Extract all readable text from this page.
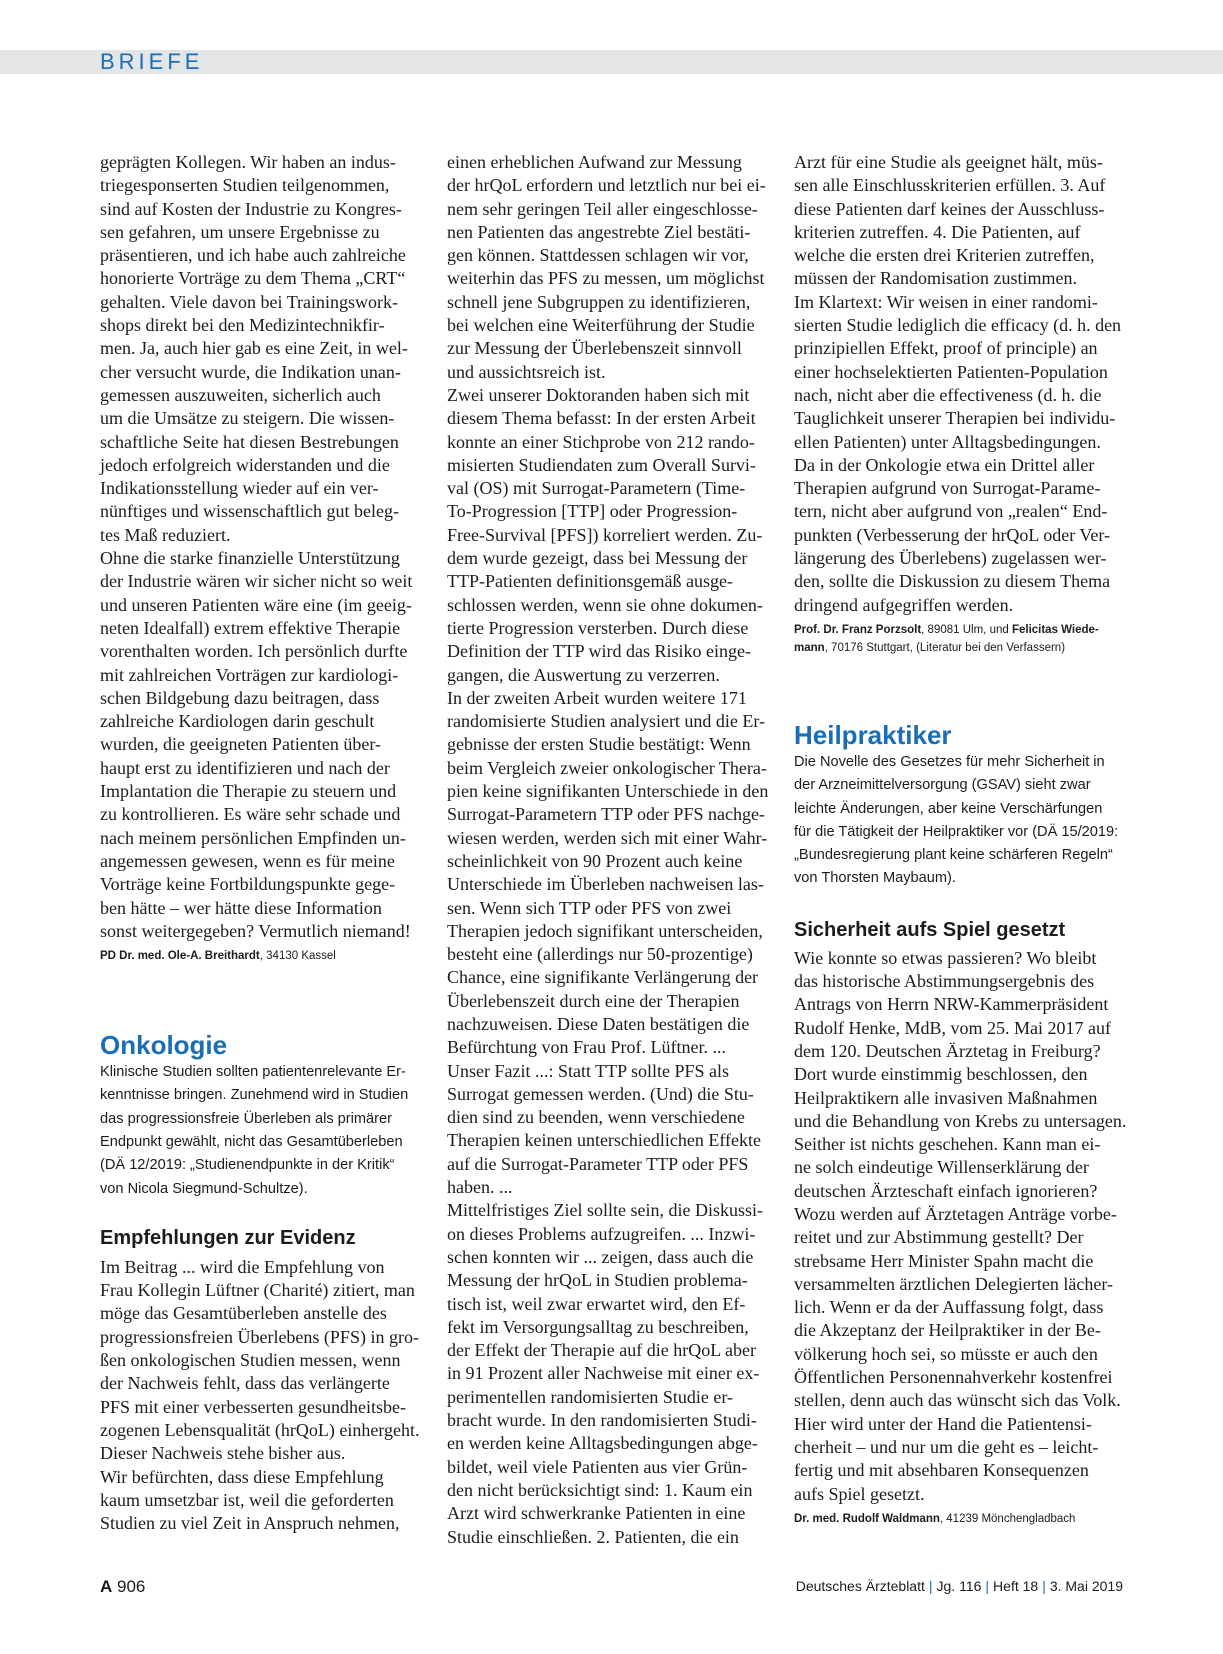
BRIEFE
geprägten Kollegen. Wir haben an indus-
triegesponserten Studien teilgenommen,
sind auf Kosten der Industrie zu Kongres-
sen gefahren, um unsere Ergebnisse zu
präsentieren, und ich habe auch zahlreiche
honorierte Vorträge zu dem Thema „CRT“
gehalten. Viele davon bei Trainingswork-
shops direkt bei den Medizintechnikfir-
men. Ja, auch hier gab es eine Zeit, in wel-
cher versucht wurde, die Indikation unan-
gemessen auszuweiten, sicherlich auch
um die Umsätze zu steigern. Die wissen-
schaftliche Seite hat diesen Bestrebungen
jedoch erfolgreich widerstanden und die
Indikationsstellung wieder auf ein ver-
nünftiges und wissenschaftlich gut beleg-
tes Maß reduziert.
Ohne die starke finanzielle Unterstützung
der Industrie wären wir sicher nicht so weit
und unseren Patienten wäre eine (im geeig-
neten Idealfall) extrem effektive Therapie
vorenthalten worden. Ich persönlich durfte
mit zahlreichen Vorträgen zur kardiologi-
schen Bildgebung dazu beitragen, dass
zahlreiche Kardiologen darin geschult
wurden, die geeigneten Patienten über-
haupt erst zu identifizieren und nach der
Implantation die Therapie zu steuern und
zu kontrollieren. Es wäre sehr schade und
nach meinem persönlichen Empfinden un-
angemessen gewesen, wenn es für meine
Vorträge keine Fortbildungspunkte gege-
ben hätte – wer hätte diese Information
sonst weitergegeben? Vermutlich niemand!
PD Dr. med. Ole-A. Breithardt, 34130 Kassel
Onkologie
Klinische Studien sollten patientenrelevante Er-
kenntnisse bringen. Zunehmend wird in Studien
das progressionsfreie Überleben als primärer
Endpunkt gewählt, nicht das Gesamtüberleben
(DÄ 12/2019: „Studienendpunkte in der Kritik“
von Nicola Siegmund-Schultze).
Empfehlungen zur Evidenz
Im Beitrag ... wird die Empfehlung von
Frau Kollegin Lüftner (Charité) zitiert, man
möge das Gesamtüberleben anstelle des
progressionsfreien Überlebens (PFS) in gro-
ßen onkologischen Studien messen, wenn
der Nachweis fehlt, dass das verlängerte
PFS mit einer verbesserten gesundheitsbe-
zogenen Lebensqualität (hrQoL) einhergeht.
Dieser Nachweis stehe bisher aus.
Wir befürchten, dass diese Empfehlung
kaum umsetzbar ist, weil die geforderten
Studien zu viel Zeit in Anspruch nehmen,
einen erheblichen Aufwand zur Messung
der hrQoL erfordern und letztlich nur bei ei-
nem sehr geringen Teil aller eingeschlosse-
nen Patienten das angestrebte Ziel bestäti-
gen können. Stattdessen schlagen wir vor,
weiterhin das PFS zu messen, um möglichst
schnell jene Subgruppen zu identifizieren,
bei welchen eine Weiterführung der Studie
zur Messung der Überlebenszeit sinnvoll
und aussichtsreich ist.
Zwei unserer Doktoranden haben sich mit
diesem Thema befasst: In der ersten Arbeit
konnte an einer Stichprobe von 212 rando-
misierten Studiendaten zum Overall Survi-
val (OS) mit Surrogat-Parametern (Time-
To-Progression [TTP] oder Progression-
Free-Survival [PFS]) korreliert werden. Zu-
dem wurde gezeigt, dass bei Messung der
TTP-Patienten definitionsgemäß ausge-
schlossen werden, wenn sie ohne dokumen-
tierte Progression versterben. Durch diese
Definition der TTP wird das Risiko einge-
gangen, die Auswertung zu verzerren.
In der zweiten Arbeit wurden weitere 171
randomisierte Studien analysiert und die Er-
gebnisse der ersten Studie bestätigt: Wenn
beim Vergleich zweier onkologischer Thera-
pien keine signifikanten Unterschiede in den
Surrogat-Parametern TTP oder PFS nachge-
wiesen werden, werden sich mit einer Wahr-
scheinlichkeit von 90 Prozent auch keine
Unterschiede im Überleben nachweisen las-
sen. Wenn sich TTP oder PFS von zwei
Therapien jedoch signifikant unterscheiden,
besteht eine (allerdings nur 50-prozentige)
Chance, eine signifikante Verlängerung der
Überlebenszeit durch eine der Therapien
nachzuweisen. Diese Daten bestätigen die
Befürchtung von Frau Prof. Lüftner. ...
Unser Fazit ...: Statt TTP sollte PFS als
Surrogat gemessen werden. (Und) die Stu-
dien sind zu beenden, wenn verschiedene
Therapien keinen unterschiedlichen Effekte
auf die Surrogat-Parameter TTP oder PFS
haben. ...
Mittelfristiges Ziel sollte sein, die Diskussi-
on dieses Problems aufzugreifen. ... Inzwi-
schen konnten wir ... zeigen, dass auch die
Messung der hrQoL in Studien problema-
tisch ist, weil zwar erwartet wird, den Ef-
fekt im Versorgungsalltag zu beschreiben,
der Effekt der Therapie auf die hrQoL aber
in 91 Prozent aller Nachweise mit einer ex-
perimentellen randomisierten Studie er-
bracht wurde. In den randomisierten Studi-
en werden keine Alltagsbedingungen abge-
bildet, weil viele Patienten aus vier Grün-
den nicht berücksichtigt sind: 1. Kaum ein
Arzt wird schwerkranke Patienten in eine
Studie einschließen. 2. Patienten, die ein
Arzt für eine Studie als geeignet hält, müs-
sen alle Einschlusskriterien erfüllen. 3. Auf
diese Patienten darf keines der Ausschluss-
kriterien zutreffen. 4. Die Patienten, auf
welche die ersten drei Kriterien zutreffen,
müssen der Randomisation zustimmen.
Im Klartext: Wir weisen in einer randomi-
sierten Studie lediglich die efficacy (d. h. den
prinzipiellen Effekt, proof of principle) an
einer hochselektierten Patienten-Population
nach, nicht aber die effectiveness (d. h. die
Tauglichkeit unserer Therapien bei individu-
ellen Patienten) unter Alltagsbedingungen.
Da in der Onkologie etwa ein Drittel aller
Therapien aufgrund von Surrogat-Parame-
tern, nicht aber aufgrund von „realen“ End-
punkten (Verbesserung der hrQoL oder Ver-
längerung des Überlebens) zugelassen wer-
den, sollte die Diskussion zu diesem Thema
dringend aufgegriffen werden.
Prof. Dr. Franz Porzsolt, 89081 Ulm, und Felicitas Wiede-
mann, 70176 Stuttgart, (Literatur bei den Verfassern)
Heilpraktiker
Die Novelle des Gesetzes für mehr Sicherheit in
der Arzneimittelversorgung (GSAV) sieht zwar
leichte Änderungen, aber keine Verschärfungen
für die Tätigkeit der Heilpraktiker vor (DÄ 15/2019:
„Bundesregierung plant keine schärferen Regeln“
von Thorsten Maybaum).
Sicherheit aufs Spiel gesetzt
Wie konnte so etwas passieren? Wo bleibt
das historische Abstimmungsergebnis des
Antrags von Herrn NRW-Kammerpräsident
Rudolf Henke, MdB, vom 25. Mai 2017 auf
dem 120. Deutschen Ärztetag in Freiburg?
Dort wurde einstimmig beschlossen, den
Heilpraktikern alle invasiven Maßnahmen
und die Behandlung von Krebs zu untersagen.
Seither ist nichts geschehen. Kann man ei-
ne solch eindeutige Willenserklärung der
deutschen Ärzteschaft einfach ignorieren?
Wozu werden auf Ärztetagen Anträge vorbe-
reitet und zur Abstimmung gestellt? Der
strebsame Herr Minister Spahn macht die
versammelten ärztlichen Delegierten lächer-
lich. Wenn er da der Auffassung folgt, dass
die Akzeptanz der Heilpraktiker in der Be-
völkerung hoch sei, so müsste er auch den
Öffentlichen Personennahverkehr kostenfrei
stellen, denn auch das wünscht sich das Volk.
Hier wird unter der Hand die Patientensi-
cherheit – und nur um die geht es – leicht-
fertig und mit absehbaren Konsequenzen
aufs Spiel gesetzt.
Dr. med. Rudolf Waldmann, 41239 Mönchengladbach
A 906	Deutsches Ärzteblatt | Jg. 116 | Heft 18 | 3. Mai 2019
